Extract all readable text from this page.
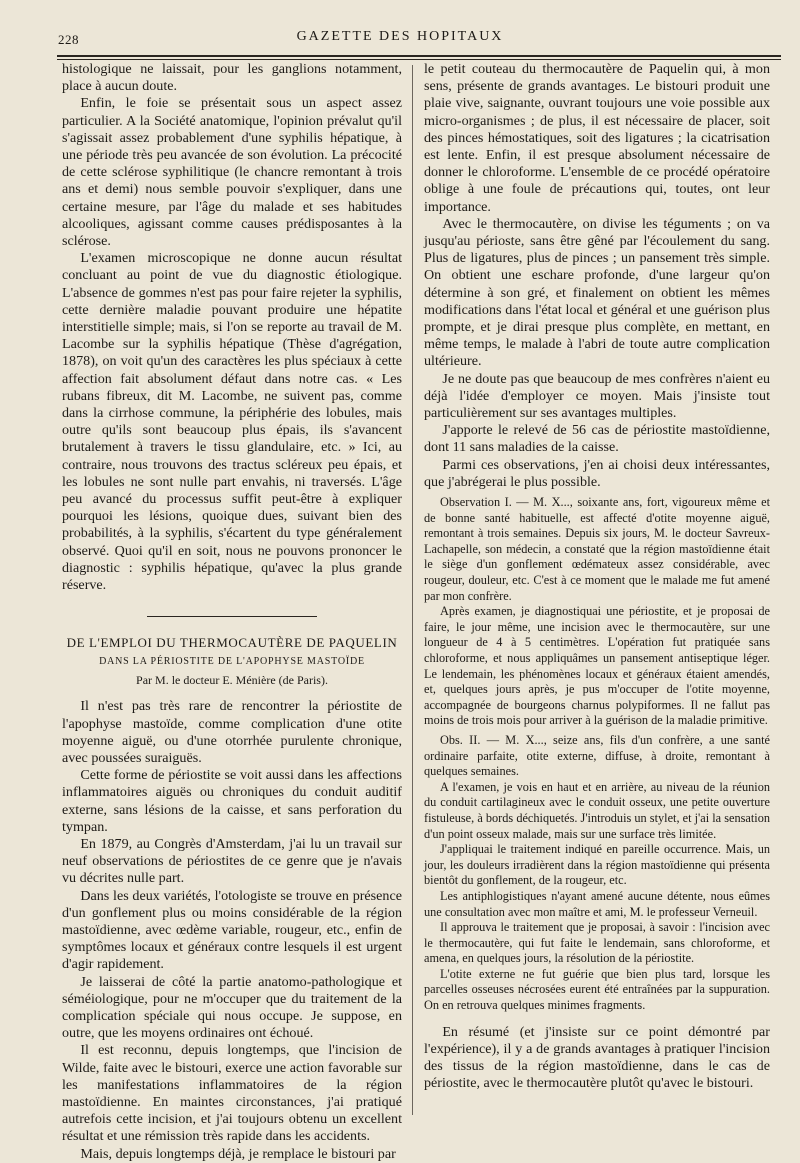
228	GAZETTE DES HOPITAUX

histologique ne laissait, pour les ganglions notamment, place à aucun doute.

Enfin, le foie se présentait sous un aspect assez particulier. A la Société anatomique, l'opinion prévalut qu'il s'agissait assez probablement d'une syphilis hépatique, à une période très peu avancée de son évolution. La précocité de cette sclérose syphilitique (le chancre remontant à trois ans et demi) nous semble pouvoir s'expliquer, dans une certaine mesure, par l'âge du malade et ses habitudes alcooliques, agissant comme causes prédisposantes à la sclérose.

L'examen microscopique ne donne aucun résultat concluant au point de vue du diagnostic étiologique. L'absence de gommes n'est pas pour faire rejeter la syphilis, cette dernière maladie pouvant produire une hépatite interstitielle simple; mais, si l'on se reporte au travail de M. Lacombe sur la syphilis hépatique (Thèse d'agrégation, 1878), on voit qu'un des caractères les plus spéciaux à cette affection fait absolument défaut dans notre cas. « Les rubans fibreux, dit M. Lacombe, ne suivent pas, comme dans la cirrhose commune, la périphérie des lobules, mais outre qu'ils sont beaucoup plus épais, ils s'avancent brutalement à travers le tissu glandulaire, etc. » Ici, au contraire, nous trouvons des tractus scléreux peu épais, et les lobules ne sont nulle part envahis, ni traversés. L'âge peu avancé du processus suffit peut-être à expliquer pourquoi les lésions, quoique dues, suivant bien des probabilités, à la syphilis, s'écartent du type généralement observé. Quoi qu'il en soit, nous ne pouvons prononcer le diagnostic : syphilis hépatique, qu'avec la plus grande réserve.

DE L'EMPLOI DU THERMOCAUTÈRE DE PAQUELIN
DANS LA PÉRIOSTITE DE L'APOPHYSE MASTOÏDE
Par M. le docteur E. Ménière (de Paris).

Il n'est pas très rare de rencontrer la périostite de l'apophyse mastoïde, comme complication d'une otite moyenne aiguë, ou d'une otorrhée purulente chronique, avec poussées suraiguës.

Cette forme de périostite se voit aussi dans les affections inflammatoires aiguës ou chroniques du conduit auditif externe, sans lésions de la caisse, et sans perforation du tympan.

En 1879, au Congrès d'Amsterdam, j'ai lu un travail sur neuf observations de périostites de ce genre que je n'avais vu décrites nulle part.

Dans les deux variétés, l'otologiste se trouve en présence d'un gonflement plus ou moins considérable de la région mastoïdienne, avec œdème variable, rougeur, etc., enfin de symptômes locaux et généraux contre lesquels il est urgent d'agir rapidement.

Je laisserai de côté la partie anatomo-pathologique et séméiologique, pour ne m'occuper que du traitement de la complication spéciale qui nous occupe. Je suppose, en outre, que les moyens ordinaires ont échoué.

Il est reconnu, depuis longtemps, que l'incision de Wilde, faite avec le bistouri, exerce une action favorable sur les manifestations inflammatoires de la région mastoïdienne. En maintes circonstances, j'ai pratiqué autrefois cette incision, et j'ai toujours obtenu un excellent résultat et une rémission très rapide dans les accidents.

Mais, depuis longtemps déjà, je remplace le bistouri par

le petit couteau du thermocautère de Paquelin qui, à mon sens, présente de grands avantages. Le bistouri produit une plaie vive, saignante, ouvrant toujours une voie possible aux micro-organismes ; de plus, il est nécessaire de placer, soit des pinces hémostatiques, soit des ligatures ; la cicatrisation est lente. Enfin, il est presque absolument nécessaire de donner le chloroforme. L'ensemble de ce procédé opératoire oblige à une foule de précautions qui, toutes, ont leur importance.

Avec le thermocautère, on divise les téguments ; on va jusqu'au périoste, sans être gêné par l'écoulement du sang. Plus de ligatures, plus de pinces ; un pansement très simple. On obtient une eschare profonde, d'une largeur qu'on détermine à son gré, et finalement on obtient les mêmes modifications dans l'état local et général et une guérison plus prompte, et je dirai presque plus complète, en mettant, en même temps, le malade à l'abri de toute autre complication ultérieure.

Je ne doute pas que beaucoup de mes confrères n'aient eu déjà l'idée d'employer ce moyen. Mais j'insiste tout particulièrement sur ses avantages multiples.

J'apporte le relevé de 56 cas de périostite mastoïdienne, dont 11 sans maladies de la caisse.

Parmi ces observations, j'en ai choisi deux intéressantes, que j'abrégerai le plus possible.

Observation I. — M. X..., soixante ans, fort, vigoureux même et de bonne santé habituelle, est affecté d'otite moyenne aiguë, remontant à trois semaines. Depuis six jours, M. le docteur Savreux-Lachapelle, son médecin, a constaté que la région mastoïdienne était le siège d'un gonflement œdémateux assez considérable, avec rougeur, douleur, etc. C'est à ce moment que le malade me fut amené par mon confrère.

Après examen, je diagnostiquai une périostite, et je proposai de faire, le jour même, une incision avec le thermocautère, sur une longueur de 4 à 5 centimètres. L'opération fut pratiquée sans chloroforme, et nous appliquâmes un pansement antiseptique léger. Le lendemain, les phénomènes locaux et généraux étaient amendés, et, quelques jours après, je pus m'occuper de l'otite moyenne, accompagnée de bourgeons charnus polypiformes. Il ne fallut pas moins de trois mois pour arriver à la guérison de la maladie primitive.

Obs. II. — M. X..., seize ans, fils d'un confrère, a une santé ordinaire parfaite, otite externe, diffuse, à droite, remontant à quelques semaines.

A l'examen, je vois en haut et en arrière, au niveau de la réunion du conduit cartilagineux avec le conduit osseux, une petite ouverture fistuleuse, à bords déchiquetés. J'introduis un stylet, et j'ai la sensation d'un point osseux malade, mais sur une surface très limitée.

J'appliquai le traitement indiqué en pareille occurrence. Mais, un jour, les douleurs irradièrent dans la région mastoïdienne qui présenta bientôt du gonflement, de la rougeur, etc.

Les antiphlogistiques n'ayant amené aucune détente, nous eûmes une consultation avec mon maître et ami, M. le professeur Verneuil.

Il approuva le traitement que je proposai, à savoir : l'incision avec le thermocautère, qui fut faite le lendemain, sans chloroforme, et amena, en quelques jours, la résolution de la périostite.

L'otite externe ne fut guérie que bien plus tard, lorsque les parcelles osseuses nécrosées eurent été entraînées par la suppuration. On en retrouva quelques minimes fragments.

En résumé (et j'insiste sur ce point démontré par l'expérience), il y a de grands avantages à pratiquer l'incision des tissus de la région mastoïdienne, dans le cas de périostite, avec le thermocautère plutôt qu'avec le bistouri.
